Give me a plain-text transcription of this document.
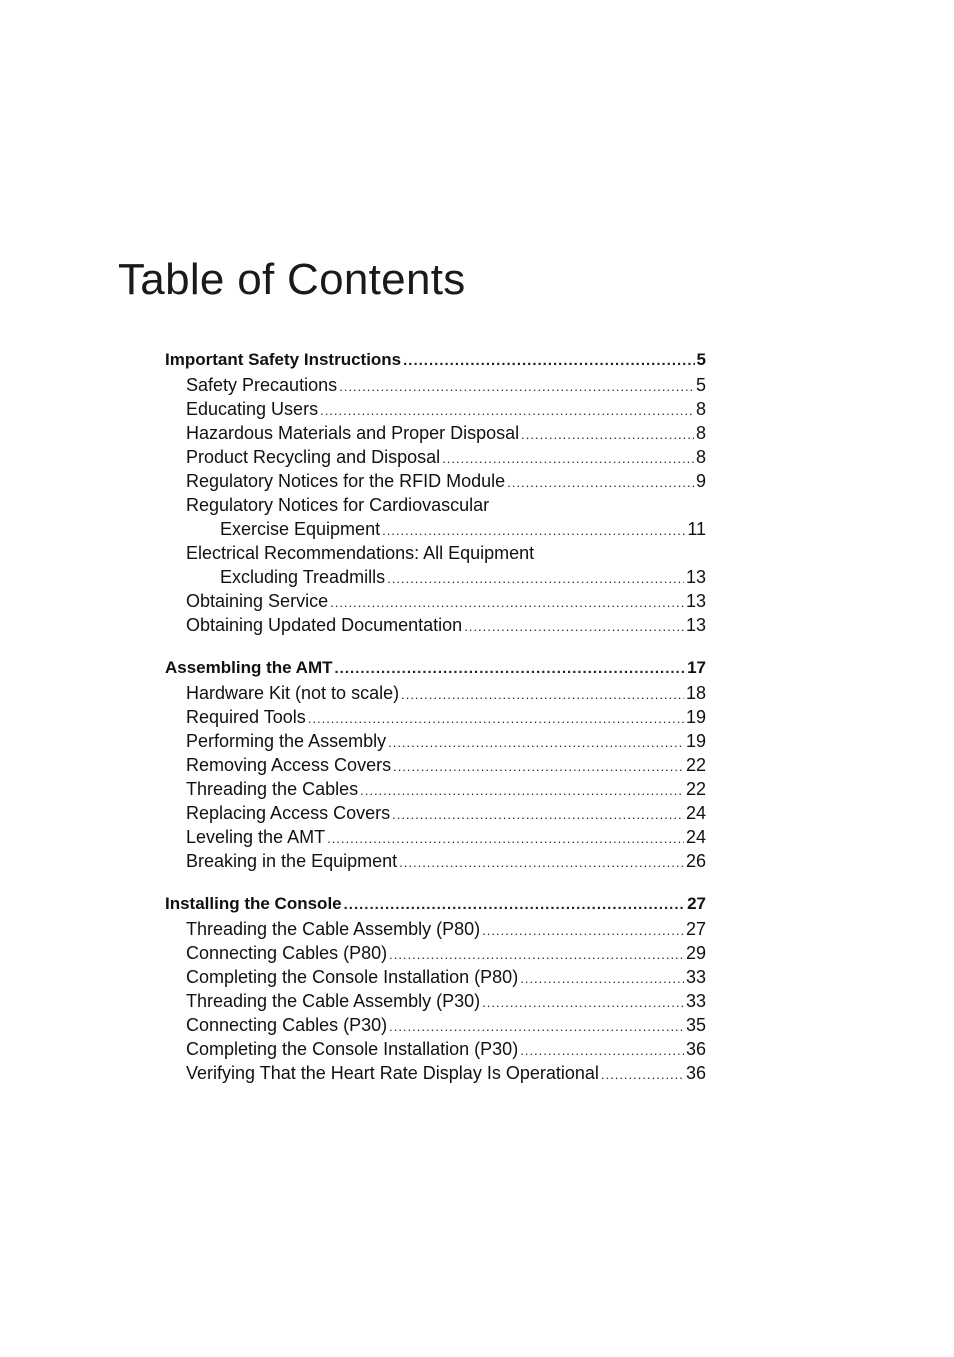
Table of Contents
Important Safety Instructions .....	5
Safety Precautions .....	5
Educating Users .....	8
Hazardous Materials and Proper Disposal .....	8
Product Recycling and Disposal .....	8
Regulatory Notices for the RFID Module .....	9
Regulatory Notices for Cardiovascular
Exercise Equipment .....	11
Electrical Recommendations: All Equipment
Excluding Treadmills .....	13
Obtaining Service .....	13
Obtaining Updated Documentation .....	13
Assembling the AMT .....	17
Hardware Kit (not to scale) .....	18
Required Tools .....	19
Performing the Assembly .....	19
Removing Access Covers .....	22
Threading the Cables .....	22
Replacing Access Covers .....	24
Leveling the AMT .....	24
Breaking in the Equipment .....	26
Installing the Console .....	27
Threading the Cable Assembly (P80) .....	27
Connecting Cables (P80) .....	29
Completing the Console Installation (P80) .....	33
Threading the Cable Assembly (P30) .....	33
Connecting Cables (P30) .....	35
Completing the Console Installation (P30) .....	36
Verifying That the Heart Rate Display Is Operational .....	36
